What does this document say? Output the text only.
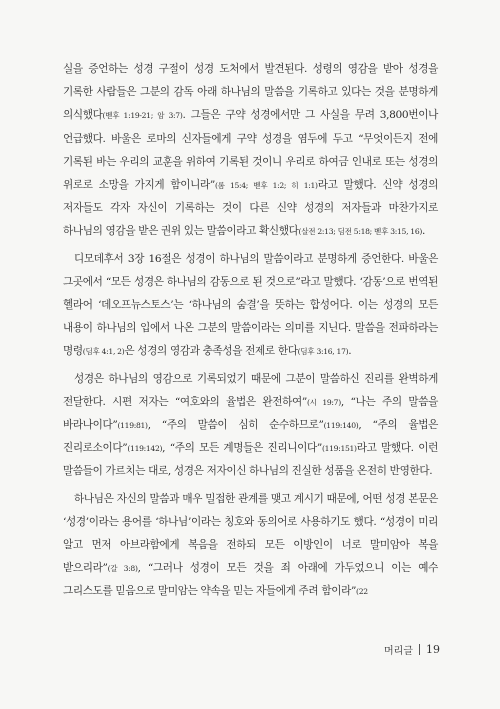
실을 증언하는 성경 구절이 성경 도처에서 발견된다. 성령의 영감을 받아 성경을 기록한 사람들은 그분의 감독 아래 하나님의 말씀을 기록하고 있다는 것을 분명하게 의식했다(벧후 1:19-21; 암 3:7). 그들은 구약 성경에서만 그 사실을 무려 3,800번이나 언급했다. 바울은 로마의 신자들에게 구약 성경을 염두에 두고 “무엇이든지 전에 기록된 바는 우리의 교훈을 위하여 기록된 것이니 우리로 하여금 인내로 또는 성경의 위로로 소망을 가지게 함이니라”(롬 15:4; 벧후 1:2; 히 1:1)라고 말했다. 신약 성경의 저자들도 각자 자신이 기록하는 것이 다른 신약 성경의 저자들과 마찬가지로 하나님의 영감을 받은 권위 있는 말씀이라고 확신했다(살전 2:13; 딤전 5:18; 벧후 3:15, 16).

디모데후서 3장 16절은 성경이 하나님의 말씀이라고 분명하게 증언한다. 바울은 그곳에서 “모든 성경은 하나님의 감동으로 된 것으로”라고 말했다. ‘감동’으로 번역된 헬라어 ‘데오프뉴스토스’는 ‘하나님의 숨결’을 뜻하는 합성어다. 이는 성경의 모든 내용이 하나님의 입에서 나온 그분의 말씀이라는 의미를 지닌다. 말씀을 전파하라는 명령(딤후 4:1, 2)은 성경의 영감과 충족성을 전제로 한다(딤후 3:16, 17).

성경은 하나님의 영감으로 기록되었기 때문에 그분이 말씀하신 진리를 완벽하게 전달한다. 시편 저자는 “여호와의 율법은 완전하여”(시 19:7), “나는 주의 말씀을 바라나이다”(119:81), “주의 말씀이 심히 순수하므로”(119:140), “주의 율법은 진리로소이다”(119:142), “주의 모든 계명들은 진리니이다”(119:151)라고 말했다. 이런 말씀들이 가르치는 대로, 성경은 저자이신 하나님의 진실한 성품을 온전히 반영한다.

하나님은 자신의 말씀과 매우 밀접한 관계를 맺고 계시기 때문에, 어떤 성경 본문은 ‘성경’이라는 용어를 ‘하나님’이라는 칭호와 동의어로 사용하기도 했다. “성경이 미리 알고 먼저 아브라함에게 복음을 전하되 모든 이방인이 너로 말미암아 복을 받으리라”(갈 3:8), “그러나 성경이 모든 것을 죄 아래에 가두었으니 이는 예수 그리스도를 믿음으로 말미암는 약속을 믿는 자들에게 주려 함이라”(22

머리글 19
